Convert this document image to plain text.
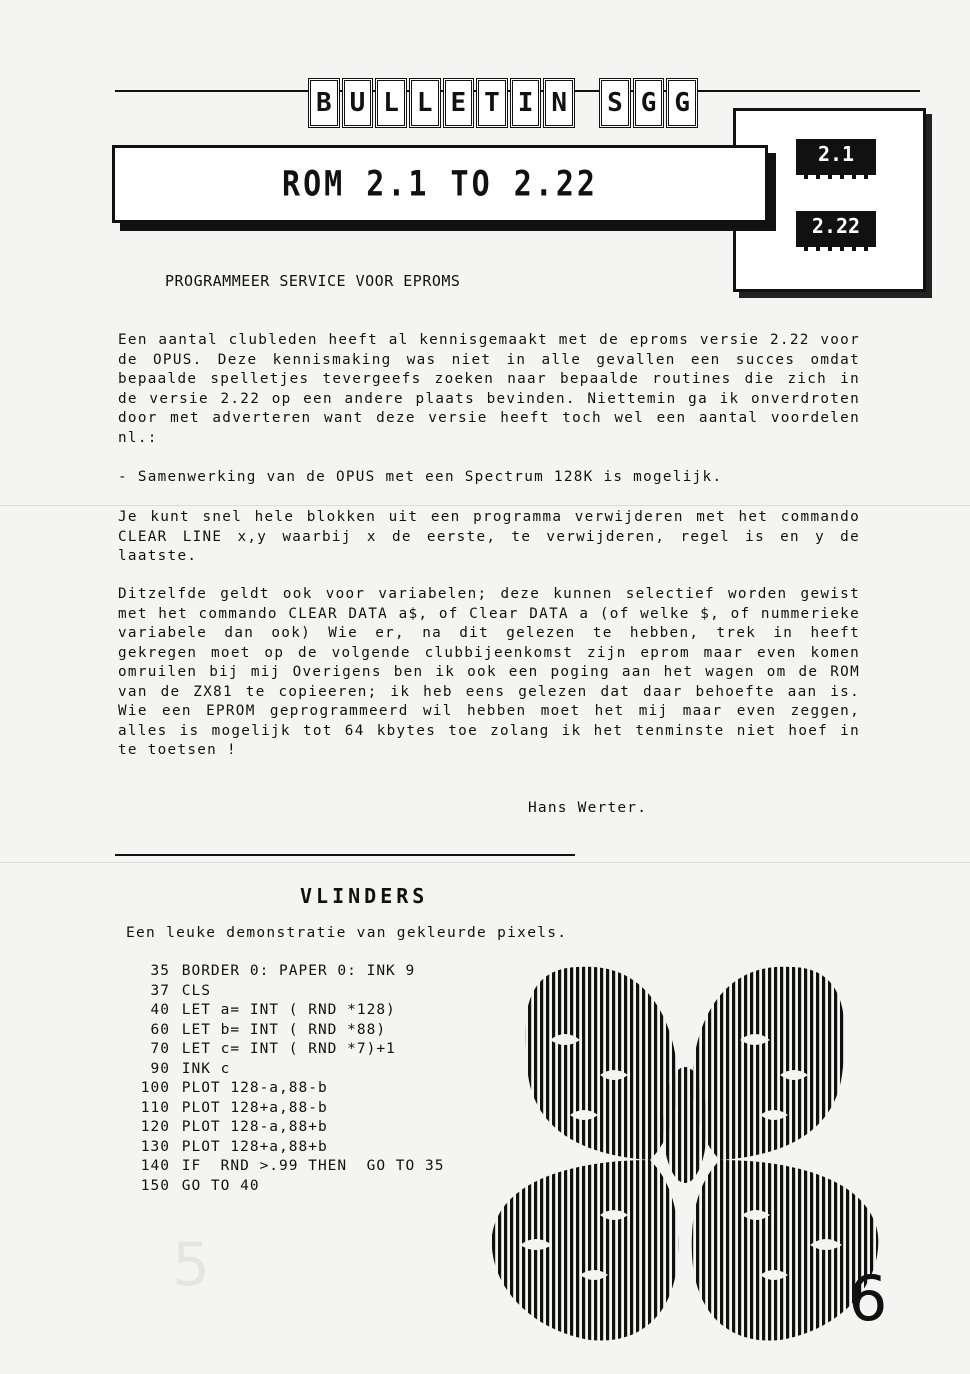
5
B U L L E T I N	S G G
2.1
2.22
ROM 2.1 TO 2.22
PROGRAMMEER SERVICE VOOR EPROMS

Een aantal clubleden heeft al kennisgemaakt met de eproms versie 2.22 voor de OPUS. Deze kennismaking was niet in alle gevallen een succes omdat bepaalde spelletjes tevergeefs zoeken naar bepaalde routines die zich in de versie 2.22 op een andere plaats bevinden. Niettemin ga ik onverdroten door met adverteren want deze versie heeft toch wel een aantal voordelen nl.:

- Samenwerking van de OPUS met een Spectrum 128K is mogelijk.

Je kunt snel hele blokken uit een programma verwijderen met het commando CLEAR LINE x,y waarbij x de eerste, te verwijderen, regel is en y de laatste.

Ditzelfde geldt ook voor variabelen; deze kunnen selectief worden gewist met het commando CLEAR DATA a$, of Clear DATA a (of welke $, of nummerieke variabele dan ook) Wie er, na dit gelezen te hebben, trek in heeft gekregen moet op de volgende clubbijeenkomst zijn eprom maar even komen omruilen bij mij Overigens ben ik ook een poging aan het wagen om de ROM van de ZX81 te copieeren; ik heb eens gelezen dat daar behoefte aan is. Wie een EPROM geprogrammeerd wil hebben moet het mij maar even zeggen, alles is mogelijk tot 64 kbytes toe zolang ik het tenminste niet hoef in te toetsen !

Hans Werter.
VLINDERS
Een leuke demonstratie van gekleurde pixels.
35 BORDER 0: PAPER 0: INK 9
37 CLS
40 LET a= INT ( RND *128)
60 LET b= INT ( RND *88)
70 LET c= INT ( RND *7)+1
90 INK c
100 PLOT 128-a,88-b
110 PLOT 128+a,88-b
120 PLOT 128-a,88+b
130 PLOT 128+a,88+b
140 IF  RND >.99 THEN  GO TO 35
150 GO TO 40
6
